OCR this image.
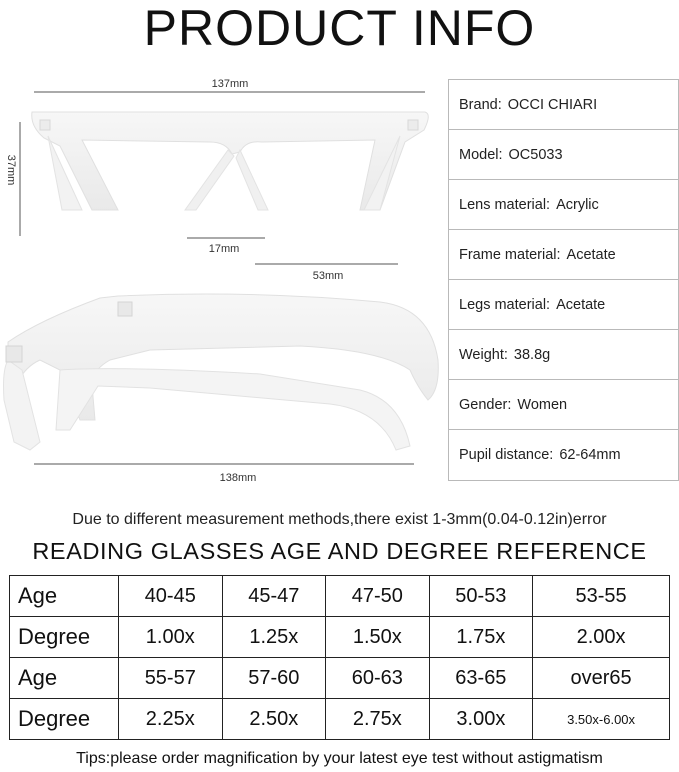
PRODUCT INFO
137mm
37mm
17mm
53mm
138mm
Brand: OCCI CHIARI
Model: OC5033
Lens material: Acrylic
Frame material: Acetate
Legs material: Acetate
Weight: 38.8g
Gender: Women
Pupil distance: 62-64mm
Due to different measurement methods,there exist 1-3mm(0.04-0.12in)error
READING GLASSES AGE AND DEGREE REFERENCE
Age	40-45	45-47	47-50	50-53	53-55
Degree	1.00x	1.25x	1.50x	1.75x	2.00x
Age	55-57	57-60	60-63	63-65	over65
Degree	2.25x	2.50x	2.75x	3.00x	3.50x-6.00x
Tips:please order magnification by your latest eye test without astigmatism
